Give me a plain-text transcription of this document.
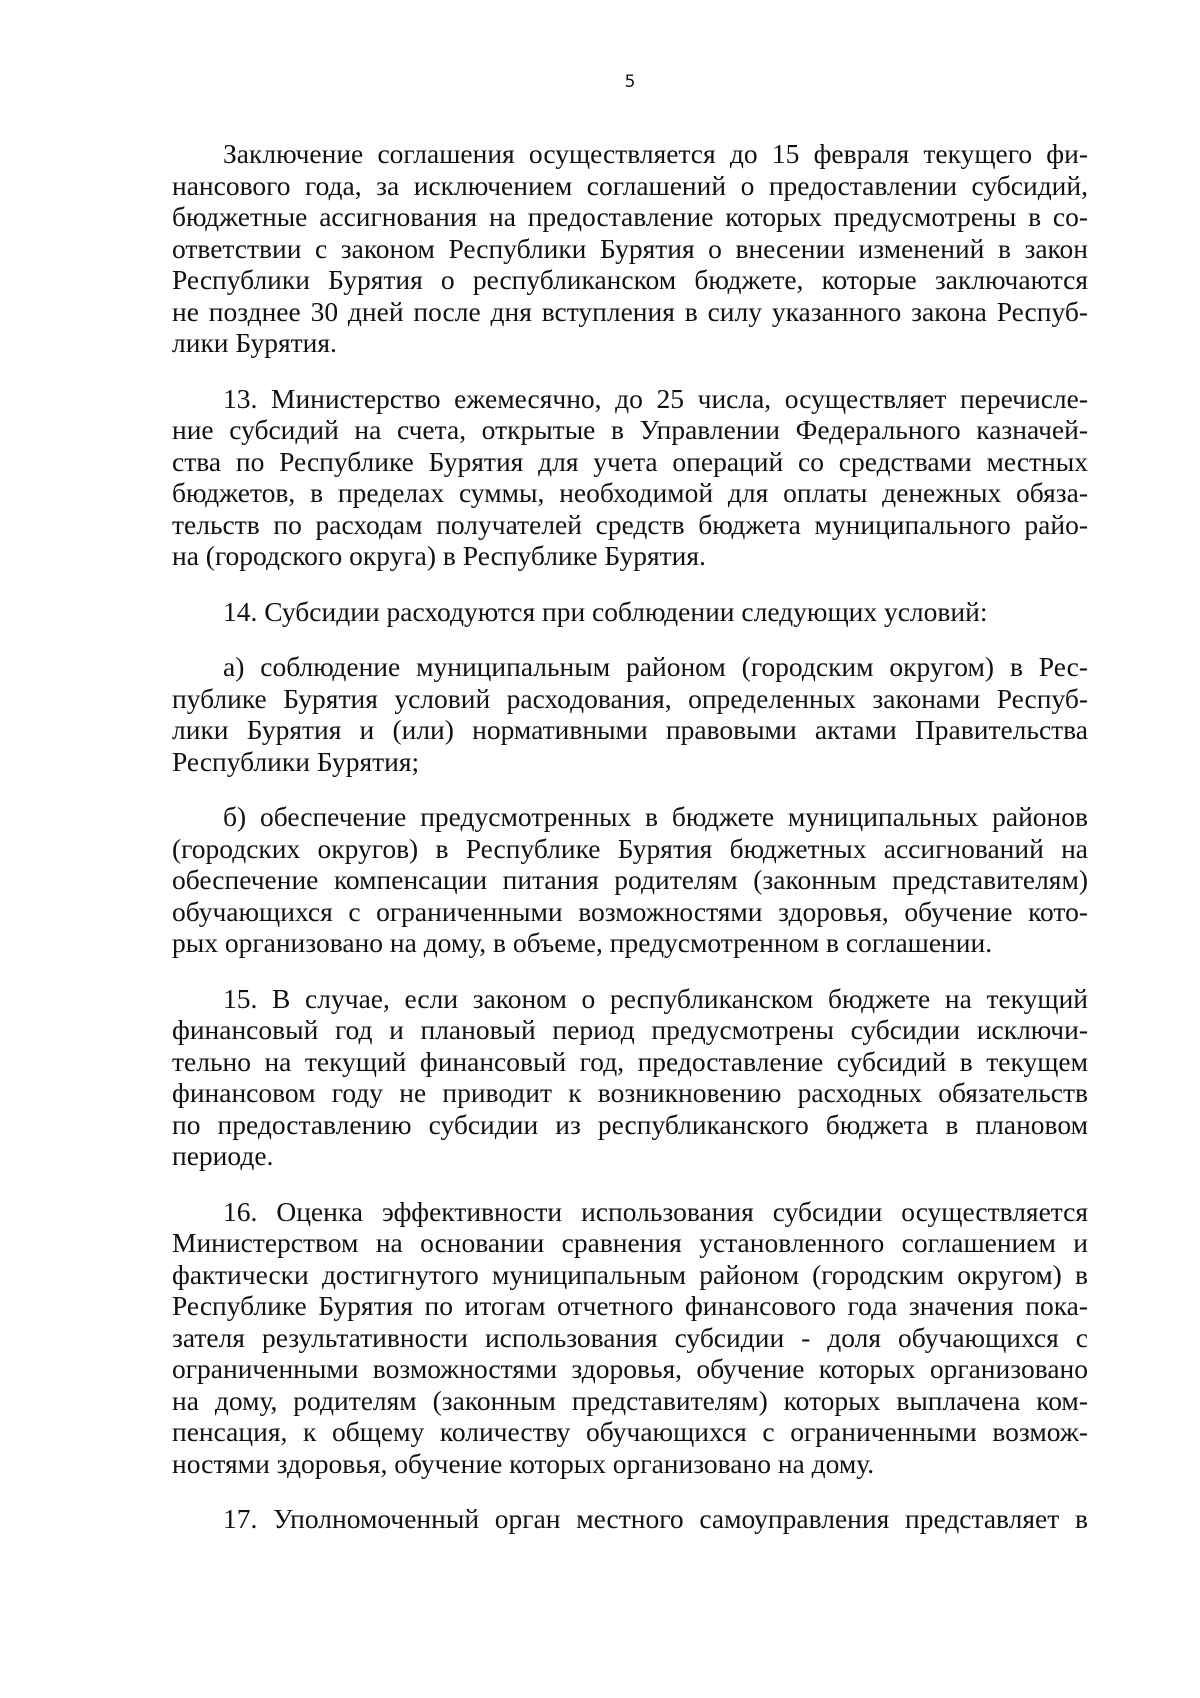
5
Заключение соглашения осуществляется до 15 февраля текущего фи-
нансового года, за исключением соглашений о предоставлении субсидий,
бюджетные ассигнования на предоставление которых предусмотрены в со-
ответствии с законом Республики Бурятия о внесении изменений в закон
Республики Бурятия о республиканском бюджете, которые заключаются
не позднее 30 дней после дня вступления в силу указанного закона Респуб-
лики Бурятия.
13. Министерство ежемесячно, до 25 числа, осуществляет перечисле-
ние субсидий на счета, открытые в Управлении Федерального казначей-
ства по Республике Бурятия для учета операций со средствами местных
бюджетов, в пределах суммы, необходимой для оплаты денежных обяза-
тельств по расходам получателей средств бюджета муниципального райо-
на (городского округа) в Республике Бурятия.
14. Субсидии расходуются при соблюдении следующих условий:
а) соблюдение муниципальным районом (городским округом) в Рес-
публике Бурятия условий расходования, определенных законами Респуб-
лики Бурятия и (или) нормативными правовыми актами Правительства
Республики Бурятия;
б) обеспечение предусмотренных в бюджете муниципальных районов
(городских округов) в Республике Бурятия бюджетных ассигнований на
обеспечение компенсации питания родителям (законным представителям)
обучающихся с ограниченными возможностями здоровья, обучение кото-
рых организовано на дому, в объеме, предусмотренном в соглашении.
15. В случае, если законом о республиканском бюджете на текущий
финансовый год и плановый период предусмотрены субсидии исключи-
тельно на текущий финансовый год, предоставление субсидий в текущем
финансовом году не приводит к возникновению расходных обязательств
по предоставлению субсидии из республиканского бюджета в плановом
периоде.
16. Оценка эффективности использования субсидии осуществляется
Министерством на основании сравнения установленного соглашением и
фактически достигнутого муниципальным районом (городским округом) в
Республике Бурятия по итогам отчетного финансового года значения пока-
зателя результативности использования субсидии - доля обучающихся с
ограниченными возможностями здоровья, обучение которых организовано
на дому, родителям (законным представителям) которых выплачена ком-
пенсация, к общему количеству обучающихся с ограниченными возмож-
ностями здоровья, обучение которых организовано на дому.
17. Уполномоченный орган местного самоуправления представляет в
